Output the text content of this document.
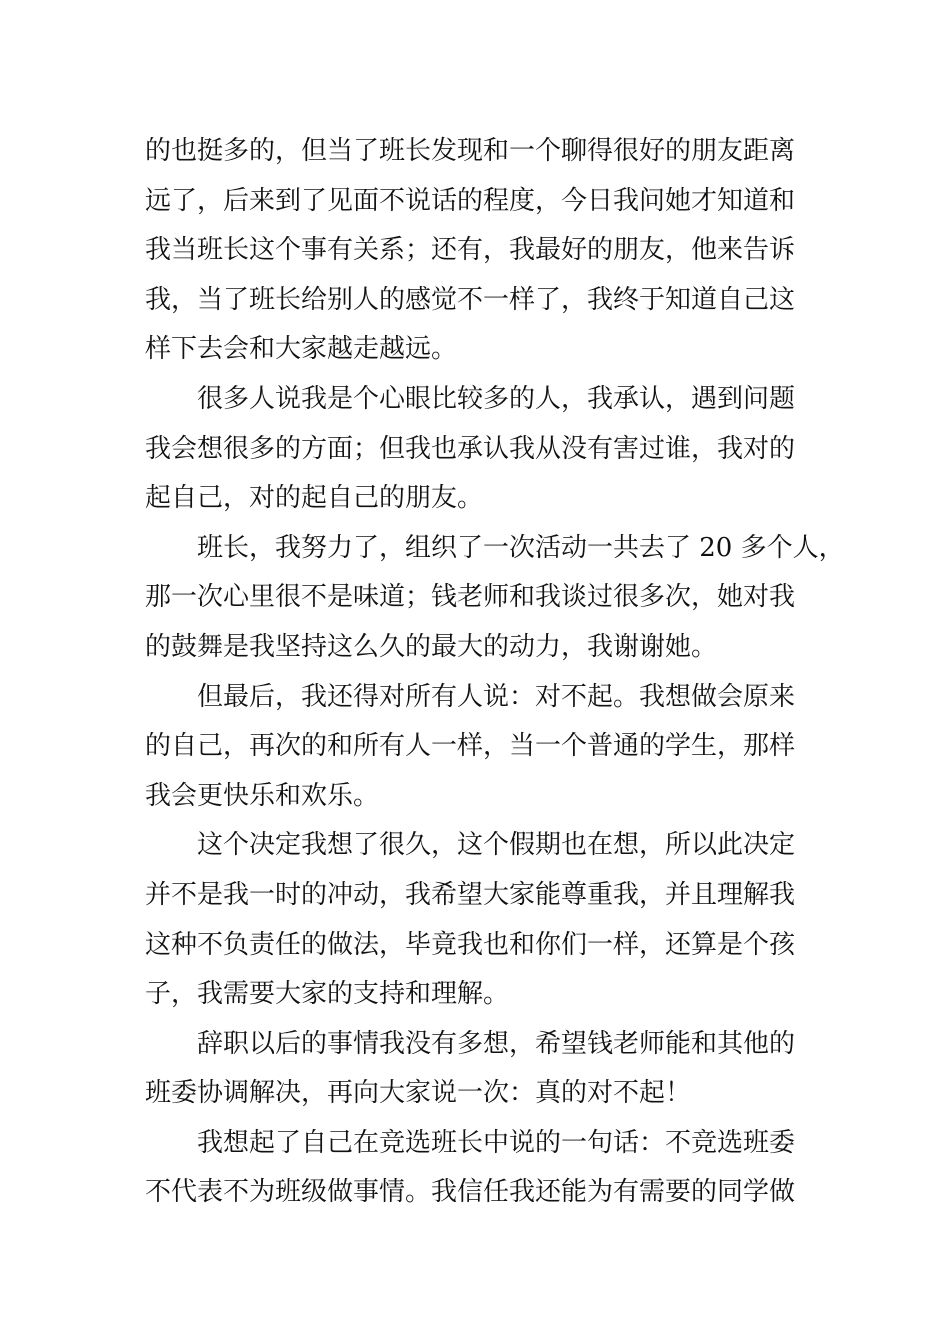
的也挺多的，但当了班长发现和一个聊得很好的朋友距离
远了，后来到了见面不说话的程度，今日我问她才知道和
我当班长这个事有关系；还有，我最好的朋友，他来告诉
我，当了班长给别人的感觉不一样了，我终于知道自己这
样下去会和大家越走越远。
　　很多人说我是个心眼比较多的人，我承认，遇到问题
我会想很多的方面；但我也承认我从没有害过谁，我对的
起自己，对的起自己的朋友。
　　班长，我努力了，组织了一次活动一共去了 20 多个人，
那一次心里很不是味道；钱老师和我谈过很多次，她对我
的鼓舞是我坚持这么久的最大的动力，我谢谢她。
　　但最后，我还得对所有人说：对不起。我想做会原来
的自己，再次的和所有人一样，当一个普通的学生，那样
我会更快乐和欢乐。
　　这个决定我想了很久，这个假期也在想，所以此决定
并不是我一时的冲动，我希望大家能尊重我，并且理解我
这种不负责任的做法，毕竟我也和你们一样，还算是个孩
子，我需要大家的支持和理解。
　　辞职以后的事情我没有多想，希望钱老师能和其他的
班委协调解决，再向大家说一次：真的对不起！
　　我想起了自己在竞选班长中说的一句话：不竞选班委
不代表不为班级做事情。我信任我还能为有需要的同学做
